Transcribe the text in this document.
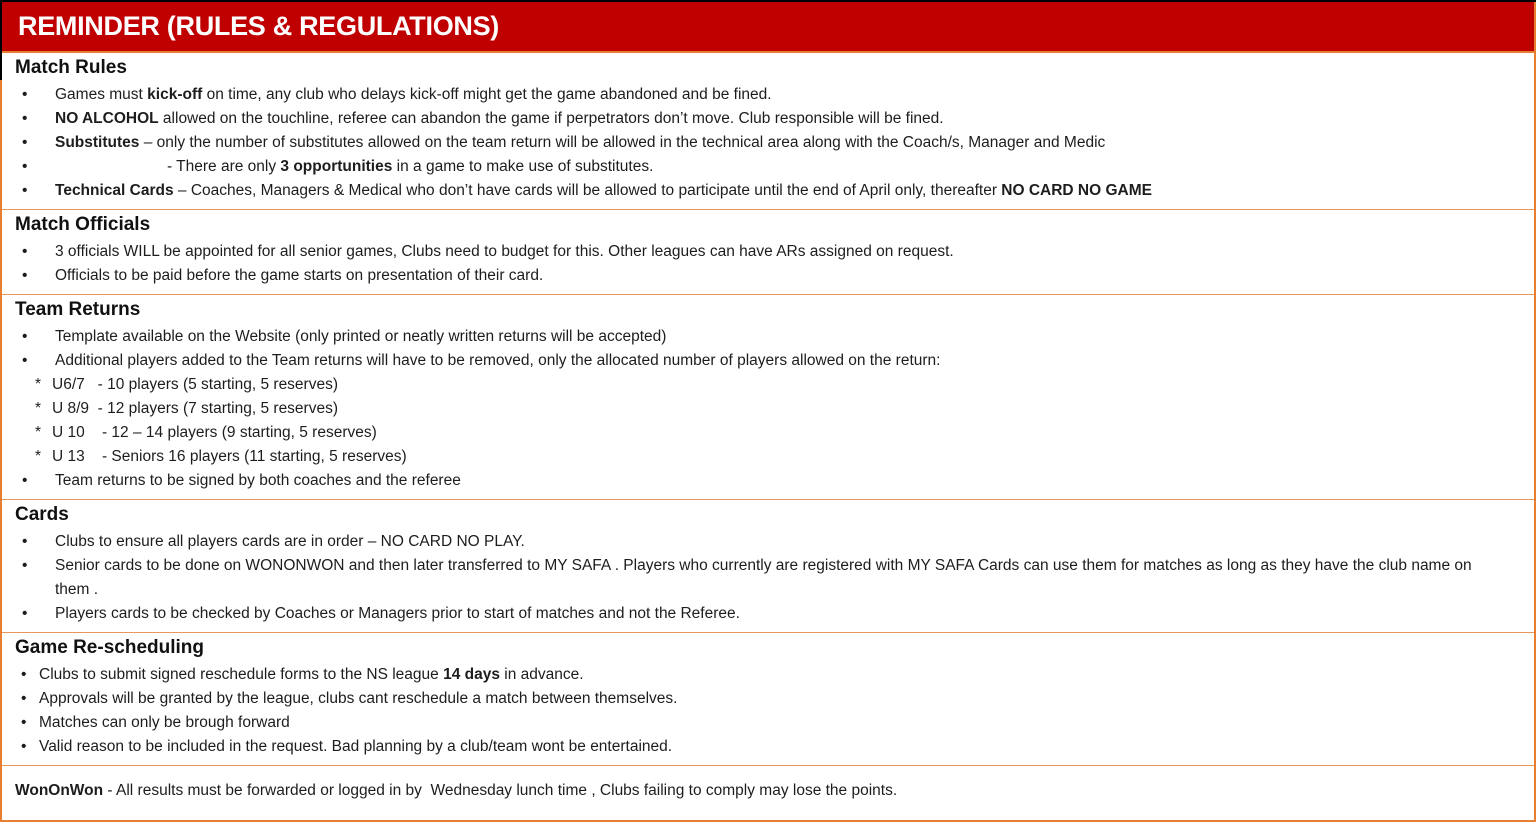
REMINDER (RULES & REGULATIONS)
Match Rules
• Games must kick-off on time, any club who delays kick-off might get the game abandoned and be fined.
• NO ALCOHOL allowed on the touchline, referee can abandon the game if perpetrators don’t move. Club responsible will be fined.
• Substitutes – only the number of substitutes allowed on the team return will be allowed in the technical area along with the Coach/s, Manager and Medic
• - There are only 3 opportunities in a game to make use of substitutes.
• Technical Cards – Coaches, Managers & Medical who don’t have cards will be allowed to participate until the end of April only, thereafter NO CARD NO GAME
Match Officials
• 3 officials WILL be appointed for all senior games, Clubs need to budget for this. Other leagues can have ARs assigned on request.
• Officials to be paid before the game starts on presentation of their card.
Team Returns
• Template available on the Website (only printed or neatly written returns will be accepted)
• Additional players added to the Team returns will have to be removed, only the allocated number of players allowed on the return:
* U6/7   - 10 players (5 starting, 5 reserves)
* U 8/9  - 12 players (7 starting, 5 reserves)
* U 10    - 12 – 14 players (9 starting, 5 reserves)
* U 13    - Seniors 16 players (11 starting, 5 reserves)
• Team returns to be signed by both coaches and the referee
Cards
• Clubs to ensure all players cards are in order – NO CARD NO PLAY.
• Senior cards to be done on WONONWON and then later transferred to MY SAFA . Players who currently are registered with MY SAFA Cards can use them for matches as long as they have the club name on them .
• Players cards to be checked by Coaches or Managers prior to start of matches and not the Referee.
Game Re-scheduling
• Clubs to submit signed reschedule forms to the NS league 14 days in advance.
• Approvals will be granted by the league, clubs cant reschedule a match between themselves.
• Matches can only be brough forward
• Valid reason to be included in the request. Bad planning by a club/team wont be entertained.
WonOnWon - All results must be forwarded or logged in by  Wednesday lunch time , Clubs failing to comply may lose the points.
